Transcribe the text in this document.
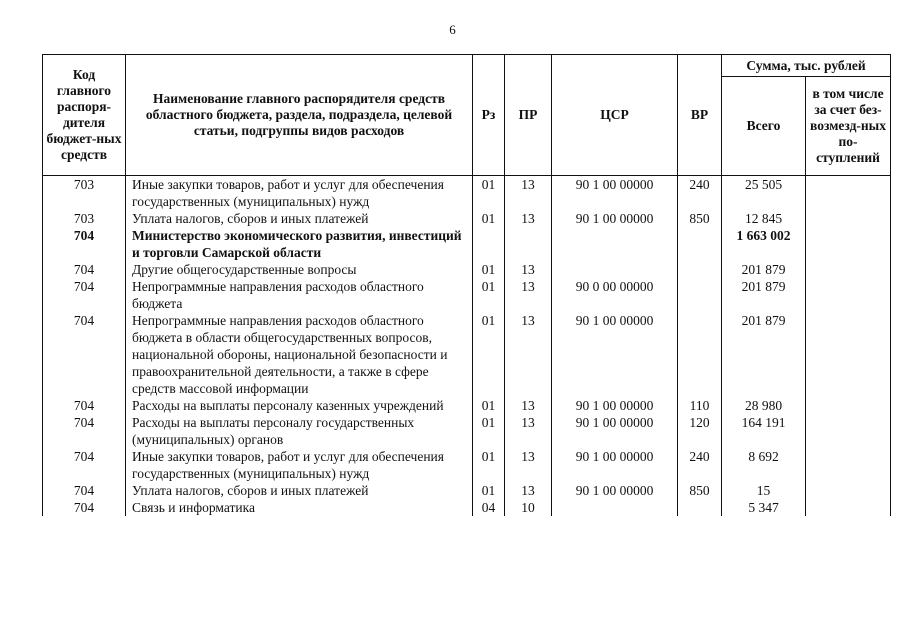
6
Код главного распоря-дителя бюджет-ных средств	Наименование главного распорядителя средств областного бюджета, раздела, подраздела, целевой статьи, подгруппы видов расходов	Рз	ПР	ЦСР	ВР	Сумма, тыс. рублей	
						Всего	в том числе за счет без-возмезд-ных по-ступлений
703	Иные закупки товаров, работ и услуг для обеспечения государственных (муниципальных) нужд	01	13	90 1 00 00000	240	25 505	
703	Уплата налогов, сборов и иных платежей	01	13	90 1 00 00000	850	12 845	
704	Министерство экономического развития, инвестиций и торговли Самарской области					1 663 002	
704	Другие общегосударственные вопросы	01	13			201 879	
704	Непрограммные направления расходов областного бюджета	01	13	90 0 00 00000		201 879	
704	Непрограммные направления расходов областного бюджета в области общегосударственных вопросов, национальной обороны, национальной безопасности и правоохранительной деятельности, а также в сфере средств массовой информации	01	13	90 1 00 00000		201 879	
704	Расходы на выплаты персоналу казенных учреждений	01	13	90 1 00 00000	110	28 980	
704	Расходы на выплаты персоналу государственных (муниципальных) органов	01	13	90 1 00 00000	120	164 191	
704	Иные закупки товаров, работ и услуг для обеспечения государственных (муниципальных) нужд	01	13	90 1 00 00000	240	8 692	
704	Уплата налогов, сборов и иных платежей	01	13	90 1 00 00000	850	15	
704	Связь и информатика	04	10			5 347	
